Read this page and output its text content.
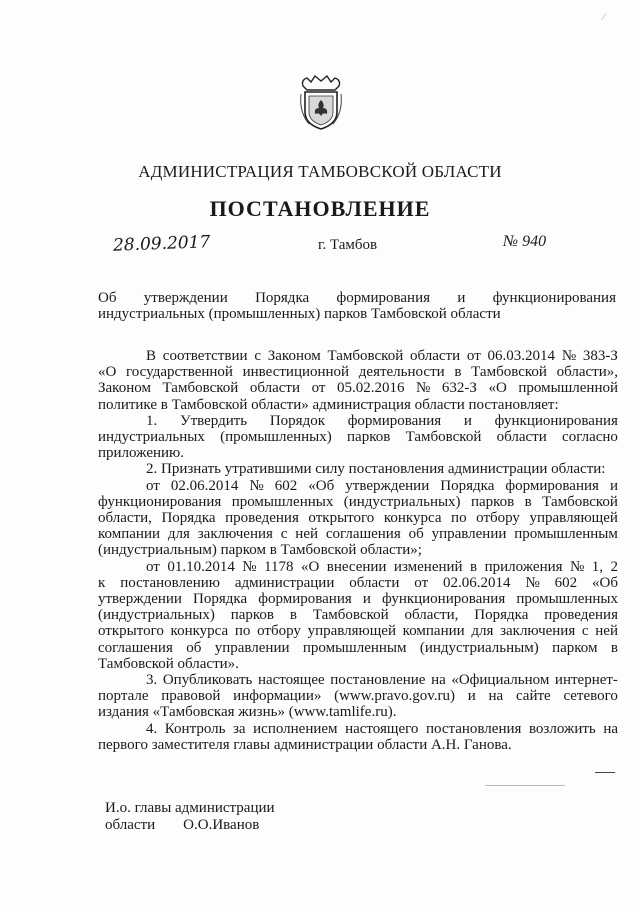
⁄
АДМИНИСТРАЦИЯ ТАМБОВСКОЙ ОБЛАСТИ
ПОСТАНОВЛЕНИЕ
28.09.2017	г. Тамбов	№ 940
Об утверждении Порядка формирования и функционирования
индустриальных (промышленных) парков Тамбовской области
В соответствии с Законом Тамбовской области от 06.03.2014 № 383-З
«О государственной инвестиционной деятельности в Тамбовской области»,
Законом Тамбовской области от 05.02.2016 № 632-З «О промышленной
политике в Тамбовской области» администрация области постановляет:
1. Утвердить Порядок формирования и функционирования
индустриальных (промышленных) парков Тамбовской области согласно
приложению.
2. Признать утратившими силу постановления администрации области:
от 02.06.2014 № 602 «Об утверждении Порядка формирования и
функционирования промышленных (индустриальных) парков в Тамбовской
области, Порядка проведения открытого конкурса по отбору управляющей
компании для заключения с ней соглашения об управлении промышленным
(индустриальным) парком в Тамбовской области»;
от 01.10.2014 № 1178 «О внесении изменений в приложения № 1, 2
к постановлению администрации области от 02.06.2014 № 602 «Об
утверждении Порядка формирования и функционирования промышленных
(индустриальных) парков в Тамбовской области, Порядка проведения
открытого конкурса по отбору управляющей компании для заключения с ней
соглашения об управлении промышленным (индустриальным) парком в
Тамбовской области».
3. Опубликовать настоящее постановление на «Официальном интернет-
портале правовой информации» (www.pravo.gov.ru) и на сайте сетевого
издания «Тамбовская жизнь» (www.tamlife.ru).
4. Контроль за исполнением настоящего постановления возложить на
первого заместителя главы администрации области А.Н. Ганова.
И.о. главы администрации
области О.О.Иванов
